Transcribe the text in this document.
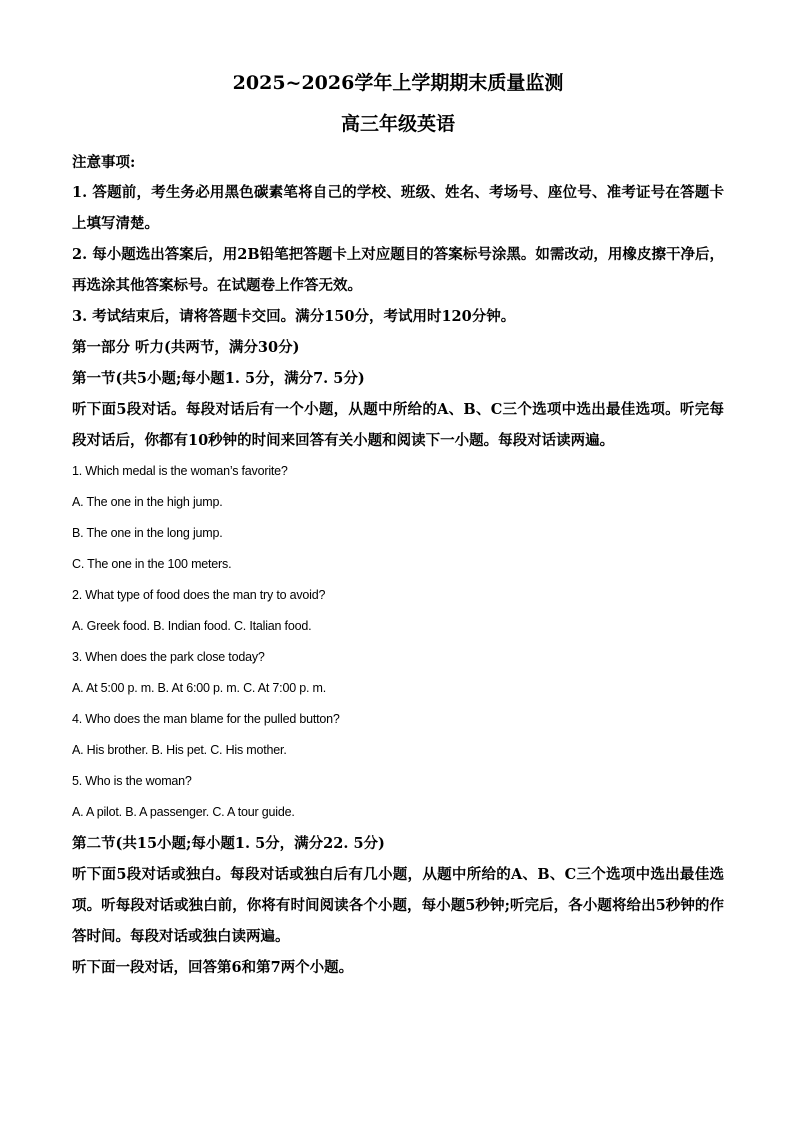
2025~2026学年上学期期末质量监测
高三年级英语

注意事项:

1. 答题前，考生务必用黑色碳素笔将自己的学校、班级、姓名、考场号、座位号、准考证号在答题卡上填写清楚。

2. 每小题选出答案后，用2B铅笔把答题卡上对应题目的答案标号涂黑。如需改动，用橡皮擦干净后，再选涂其他答案标号。在试题卷上作答无效。

3. 考试结束后，请将答题卡交回。满分150分，考试用时120分钟。

第一部分 听力(共两节，满分30分)

第一节(共5小题;每小题1. 5分，满分7. 5分)

听下面5段对话。每段对话后有一个小题，从题中所给的A、B、C三个选项中选出最佳选项。听完每段对话后，你都有10秒钟的时间来回答有关小题和阅读下一小题。每段对话读两遍。

1. Which medal is the woman’s favorite?

A. The one in the high jump.

B. The one in the long jump.

C. The one in the 100 meters.

2. What type of food does the man try to avoid?

A. Greek food. B. Indian food. C. Italian food.

3. When does the park close today?

A. At 5:00 p. m. B. At 6:00 p. m. C. At 7:00 p. m.

4. Who does the man blame for the pulled button?

A. His brother. B. His pet. C. His mother.

5. Who is the woman?

A. A pilot. B. A passenger. C. A tour guide.

第二节(共15小题;每小题1. 5分，满分22. 5分)

听下面5段对话或独白。每段对话或独白后有几小题，从题中所给的A、B、C三个选项中选出最佳选项。听每段对话或独白前，你将有时间阅读各个小题，每小题5秒钟;听完后，各小题将给出5秒钟的作答时间。每段对话或独白读两遍。

听下面一段对话，回答第6和第7两个小题。
